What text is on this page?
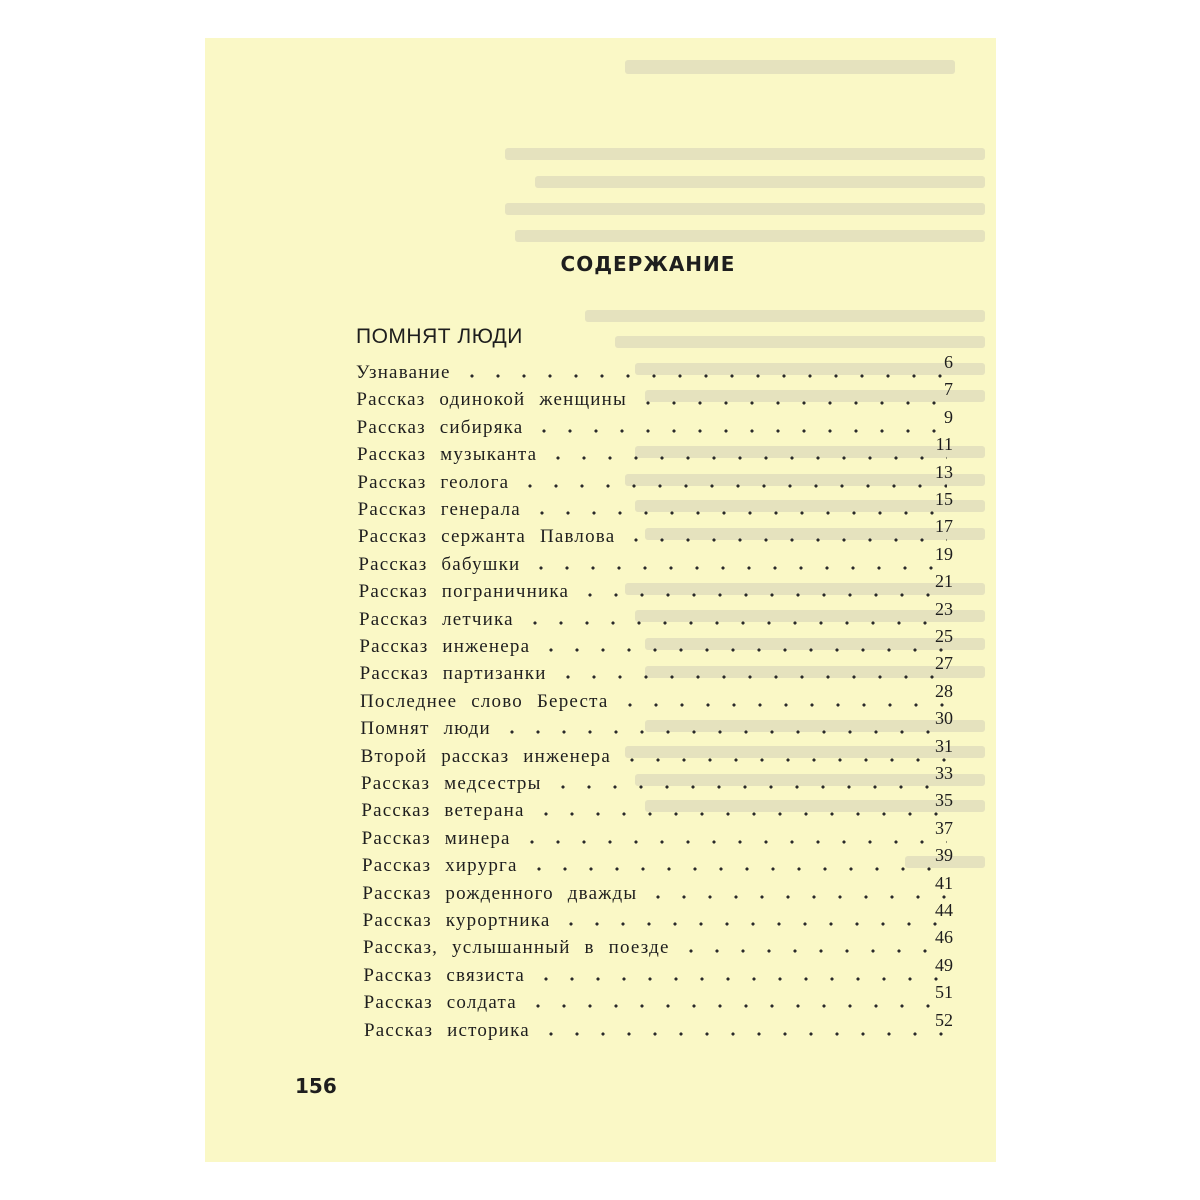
СОДЕРЖАНИЕ
ПОМНЯТ ЛЮДИ
Узнавание	6
Рассказ одинокой женщины	7
Рассказ сибиряка	9
Рассказ музыканта	11
Рассказ геолога	13
Рассказ генерала	15
Рассказ сержанта Павлова	17
Рассказ бабушки	19
Рассказ пограничника	21
Рассказ летчика	23
Рассказ инженера	25
Рассказ партизанки	27
Последнее слово Береста	28
Помнят люди	30
Второй рассказ инженера	31
Рассказ медсестры	33
Рассказ ветерана	35
Рассказ минера	37
Рассказ хирурга	39
Рассказ рожденного дважды	41
Рассказ курортника	44
Рассказ, услышанный в поезде	46
Рассказ связиста	49
Рассказ солдата	51
Рассказ историка	52
156
